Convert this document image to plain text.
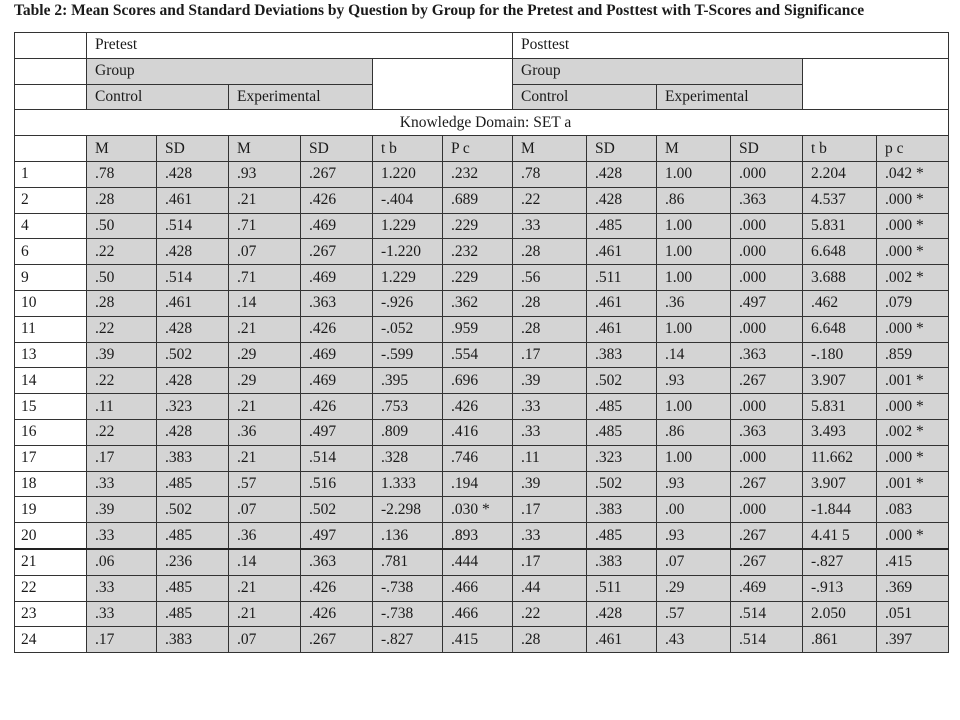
Table 2: Mean Scores and Standard Deviations by Question by Group for the Pretest and Posttest with T-Scores and Significance
	Pretest						Posttest					
	Group						Group					
	Control		Experimental				Control		Experimental			
Knowledge Domain: SET a												
	M	SD	M	SD	t b	P c	M	SD	M	SD	t b	p c
1	.78	.428	.93	.267	1.220	.232	.78	.428	1.00	.000	2.204	.042 *
2	.28	.461	.21	.426	-.404	.689	.22	.428	.86	.363	4.537	.000 *
4	.50	.514	.71	.469	1.229	.229	.33	.485	1.00	.000	5.831	.000 *
6	.22	.428	.07	.267	-1.220	.232	.28	.461	1.00	.000	6.648	.000 *
9	.50	.514	.71	.469	1.229	.229	.56	.511	1.00	.000	3.688	.002 *
10	.28	.461	.14	.363	-.926	.362	.28	.461	.36	.497	.462	.079
11	.22	.428	.21	.426	-.052	.959	.28	.461	1.00	.000	6.648	.000 *
13	.39	.502	.29	.469	-.599	.554	.17	.383	.14	.363	-.180	.859
14	.22	.428	.29	.469	.395	.696	.39	.502	.93	.267	3.907	.001 *
15	.11	.323	.21	.426	.753	.426	.33	.485	1.00	.000	5.831	.000 *
16	.22	.428	.36	.497	.809	.416	.33	.485	.86	.363	3.493	.002 *
17	.17	.383	.21	.514	.328	.746	.11	.323	1.00	.000	11.662	.000 *
18	.33	.485	.57	.516	1.333	.194	.39	.502	.93	.267	3.907	.001 *
19	.39	.502	.07	.502	-2.298	.030 *	.17	.383	.00	.000	-1.844	.083
20	.33	.485	.36	.497	.136	.893	.33	.485	.93	.267	4.41 5	.000 *
21	.06	.236	.14	.363	.781	.444	.17	.383	.07	.267	-.827	.415
22	.33	.485	.21	.426	-.738	.466	.44	.511	.29	.469	-.913	.369
23	.33	.485	.21	.426	-.738	.466	.22	.428	.57	.514	2.050	.051
24	.17	.383	.07	.267	-.827	.415	.28	.461	.43	.514	.861	.397
